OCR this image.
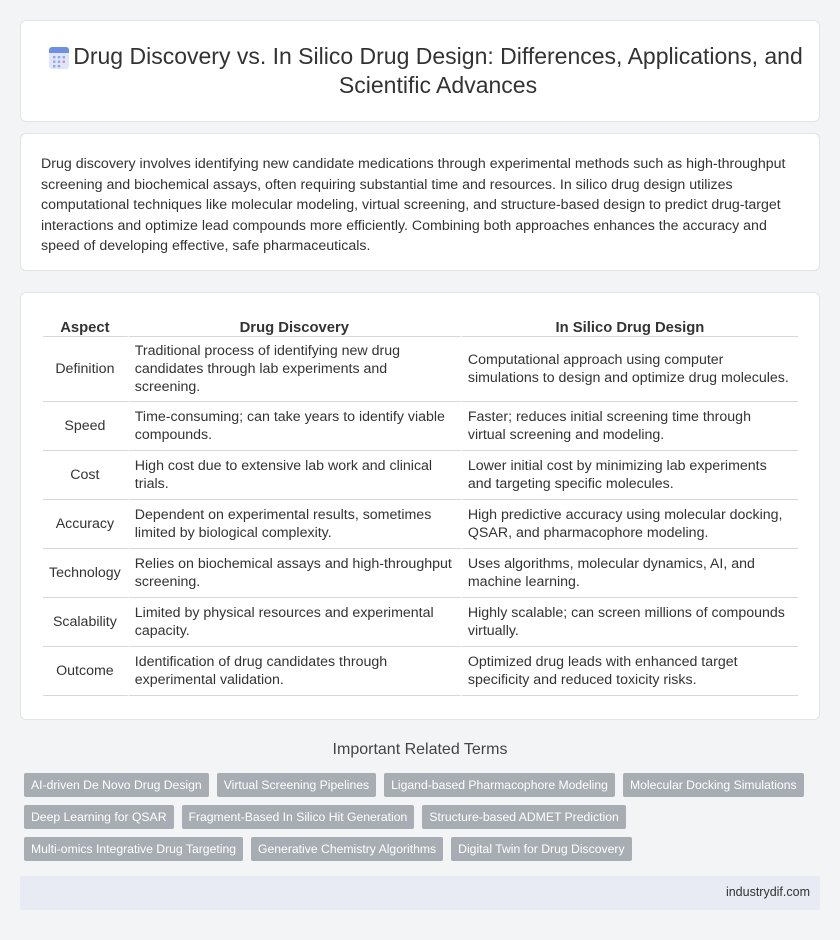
Drug Discovery vs. In Silico Drug Design: Differences, Applications, and Scientific Advances

Drug discovery involves identifying new candidate medications through experimental methods such as high-throughput screening and biochemical assays, often requiring substantial time and resources. In silico drug design utilizes computational techniques like molecular modeling, virtual screening, and structure-based design to predict drug-target interactions and optimize lead compounds more efficiently. Combining both approaches enhances the accuracy and speed of developing effective, safe pharmaceuticals.

Aspect	Drug Discovery	In Silico Drug Design
Definition	Traditional process of identifying new drug candidates through lab experiments and screening.	Computational approach using computer simulations to design and optimize drug molecules.
Speed	Time-consuming; can take years to identify viable compounds.	Faster; reduces initial screening time through virtual screening and modeling.
Cost	High cost due to extensive lab work and clinical trials.	Lower initial cost by minimizing lab experiments and targeting specific molecules.
Accuracy	Dependent on experimental results, sometimes limited by biological complexity.	High predictive accuracy using molecular docking, QSAR, and pharmacophore modeling.
Technology	Relies on biochemical assays and high-throughput screening.	Uses algorithms, molecular dynamics, AI, and machine learning.
Scalability	Limited by physical resources and experimental capacity.	Highly scalable; can screen millions of compounds virtually.
Outcome	Identification of drug candidates through experimental validation.	Optimized drug leads with enhanced target specificity and reduced toxicity risks.
Important Related Terms
AI-driven De Novo Drug Design	Virtual Screening Pipelines	Ligand-based Pharmacophore Modeling	Molecular Docking Simulations
Deep Learning for QSAR	Fragment-Based In Silico Hit Generation	Structure-based ADMET Prediction
Multi-omics Integrative Drug Targeting	Generative Chemistry Algorithms	Digital Twin for Drug Discovery
industrydif.com
